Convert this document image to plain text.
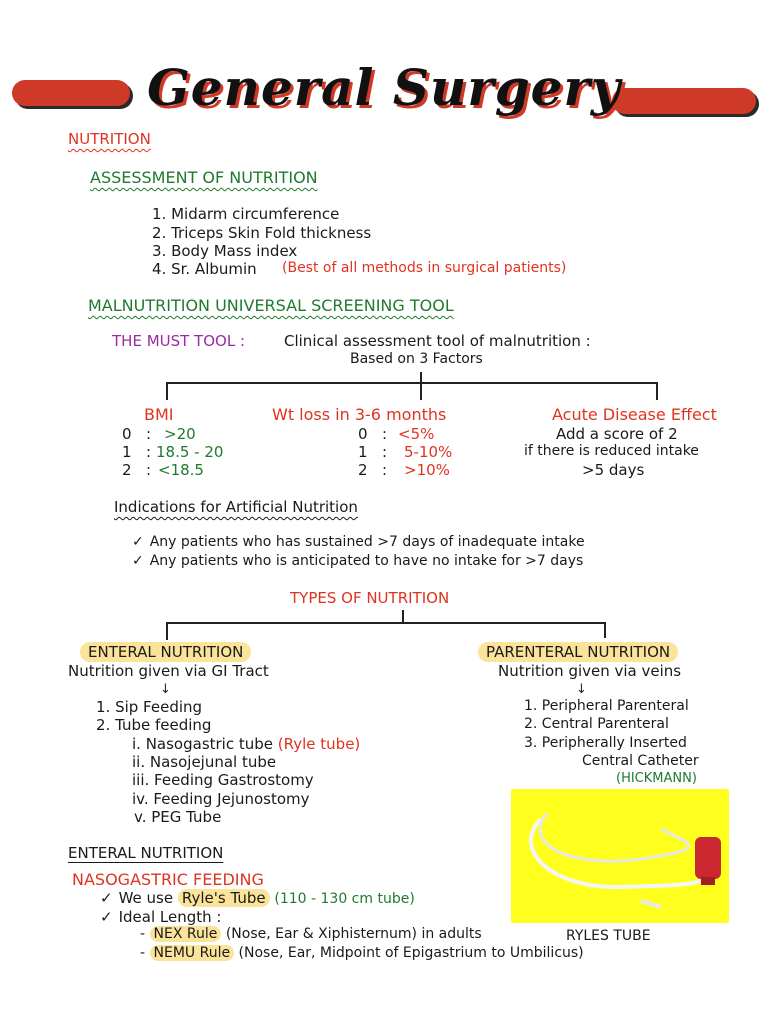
General Surgery
NUTRITION
ASSESSMENT OF NUTRITION
1. Midarm circumference
2. Triceps Skin Fold thickness
3. Body Mass index
4. Sr. Albumin (Best of all methods in surgical patients)
MALNUTRITION UNIVERSAL SCREENING TOOL
THE MUST TOOL :	Clinical assessment tool of malnutrition :
Based on 3 Factors
BMI
0 : >20
1 : 18.5 - 20
2 : <18.5
Wt loss in 3-6 months
0 : <5%
1 : 5-10%
2 : >10%
Acute Disease Effect
Add a score of 2
if there is reduced intake
>5 days
Indications for Artificial Nutrition
✓ Any patients who has sustained >7 days of inadequate intake
✓ Any patients who is anticipated to have no intake for >7 days
TYPES OF NUTRITION
ENTERAL NUTRITION
Nutrition given via GI Tract
↓
1. Sip Feeding
2. Tube feeding
i. Nasogastric tube (Ryle tube)
ii. Nasojejunal tube
iii. Feeding Gastrostomy
iv. Feeding Jejunostomy
v. PEG Tube
PARENTERAL NUTRITION
Nutrition given via veins
↓
1. Peripheral Parenteral
2. Central Parenteral
3. Peripherally Inserted
Central Catheter
(HICKMANN)
RYLES TUBE
ENTERAL NUTRITION
NASOGASTRIC FEEDING
✓ We use Ryle's Tube (110 - 130 cm tube)
✓ Ideal Length :
- NEX Rule (Nose, Ear & Xiphisternum) in adults
- NEMU Rule (Nose, Ear, Midpoint of Epigastrium to Umbilicus)
